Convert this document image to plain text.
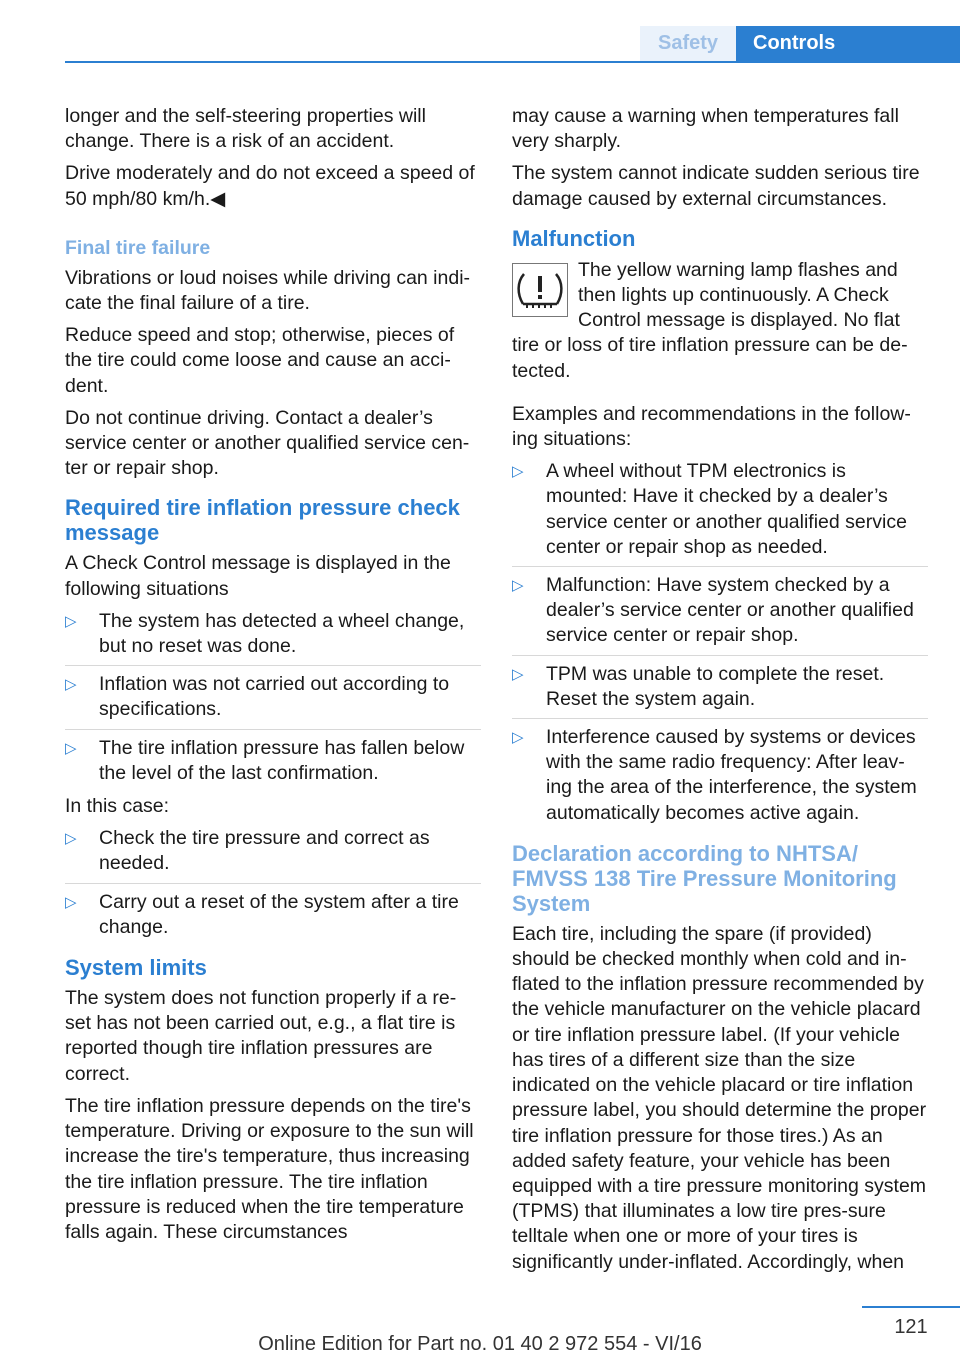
Safety	Controls

longer and the self-steering properties will change. There is a risk of an accident.

Drive moderately and do not exceed a speed of 50 mph/80 km/h.◀

Final tire failure

Vibrations or loud noises while driving can indi-cate the final failure of a tire.

Reduce speed and stop; otherwise, pieces of the tire could come loose and cause an acci-dent.

Do not continue driving. Contact a dealer’s service center or another qualified service cen-ter or repair shop.

Required tire inflation pressure check message

A Check Control message is displayed in the following situations

▷ The system has detected a wheel change, but no reset was done.
▷ Inflation was not carried out according to specifications.
▷ The tire inflation pressure has fallen below the level of the last confirmation.

In this case:

▷ Check the tire pressure and correct as needed.
▷ Carry out a reset of the system after a tire change.
System limits

The system does not function properly if a re-set has not been carried out, e.g., a flat tire is reported though tire inflation pressures are correct.

The tire inflation pressure depends on the tire's temperature. Driving or exposure to the sun will increase the tire's temperature, thus increasing the tire inflation pressure. The tire inflation pressure is reduced when the tire temperature falls again. These circumstances

may cause a warning when temperatures fall very sharply.

The system cannot indicate sudden serious tire damage caused by external circumstances.

Malfunction

The yellow warning lamp flashes and then lights up continuously. A Check Control message is displayed. No flat tire or loss of tire inflation pressure can be de-tected.

Examples and recommendations in the follow-ing situations:

▷ A wheel without TPM electronics is mounted: Have it checked by a dealer’s service center or another qualified service center or repair shop as needed.
▷ Malfunction: Have system checked by a dealer’s service center or another qualified service center or repair shop.
▷ TPM was unable to complete the reset. Reset the system again.
▷ Interference caused by systems or devices with the same radio frequency: After leav-ing the area of the interference, the system automatically becomes active again.
Declaration according to NHTSA/ FMVSS 138 Tire Pressure Monitoring System

Each tire, including the spare (if provided) should be checked monthly when cold and in-flated to the inflation pressure recommended by the vehicle manufacturer on the vehicle placard or tire inflation pressure label. (If your vehicle has tires of a different size than the size indicated on the vehicle placard or tire inflation pressure label, you should determine the proper tire inflation pressure for those tires.) As an added safety feature, your vehicle has been equipped with a tire pressure monitoring system (TPMS) that illuminates a low tire pres-sure telltale when one or more of your tires is significantly under-inflated. Accordingly, when

121
Online Edition for Part no. 01 40 2 972 554 - VI/16
